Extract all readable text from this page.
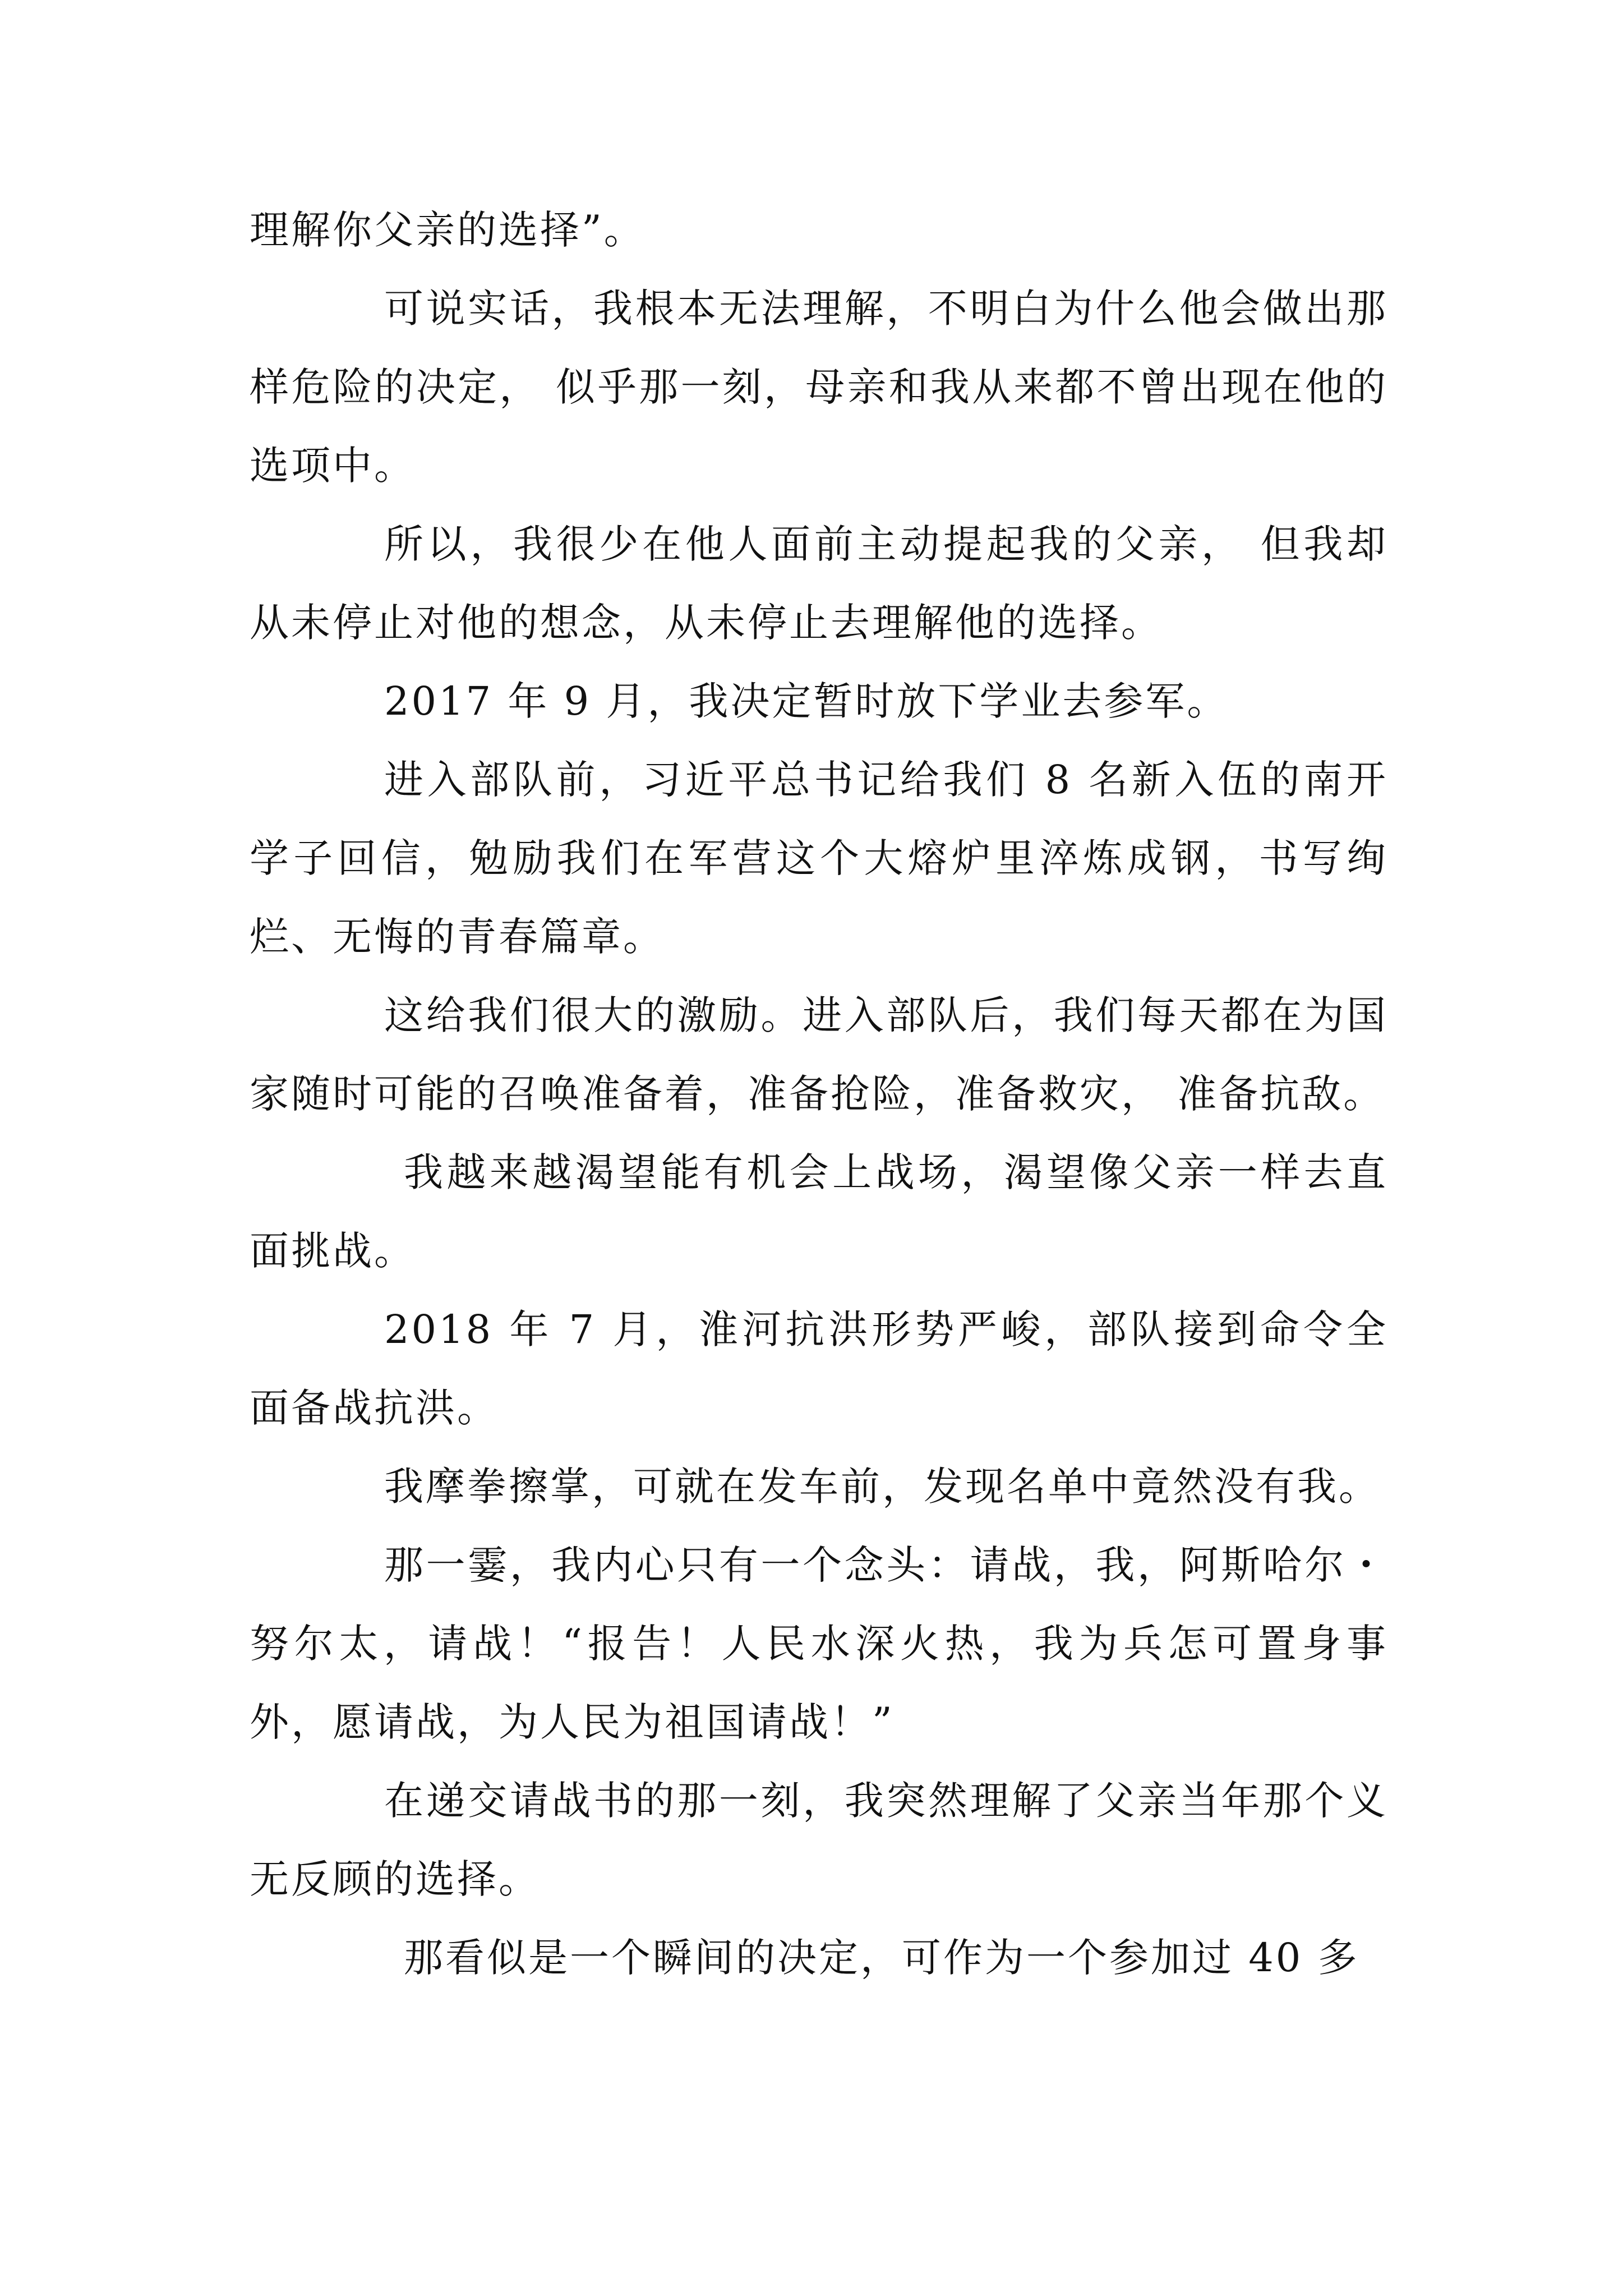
理解你父亲的选择”。

可说实话，我根本无法理解，不明白为什么他会做出那样危险的决定， 似乎那一刻，母亲和我从来都不曾出现在他的选项中。

所以，我很少在他人面前主动提起我的父亲， 但我却从未停止对他的想念，从未停止去理解他的选择。

2017 年 9 月，我决定暂时放下学业去参军。

进入部队前，习近平总书记给我们 8 名新入伍的南开学子回信，勉励我们在军营这个大熔炉里淬炼成钢，书写绚烂、无悔的青春篇章。

这给我们很大的激励。进入部队后，我们每天都在为国家随时可能的召唤准备着，准备抢险，准备救灾， 准备抗敌。

我越来越渴望能有机会上战场，渴望像父亲一样去直面挑战。

2018 年 7 月，淮河抗洪形势严峻，部队接到命令全面备战抗洪。

我摩拳擦掌，可就在发车前，发现名单中竟然没有我。

那一霎，我内心只有一个念头：请战，我，阿斯哈尔・努尔太，请战！“报告！人民水深火热，我为兵怎可置身事外，愿请战，为人民为祖国请战！”

在递交请战书的那一刻，我突然理解了父亲当年那个义无反顾的选择。

那看似是一个瞬间的决定，可作为一个参加过 40 多
